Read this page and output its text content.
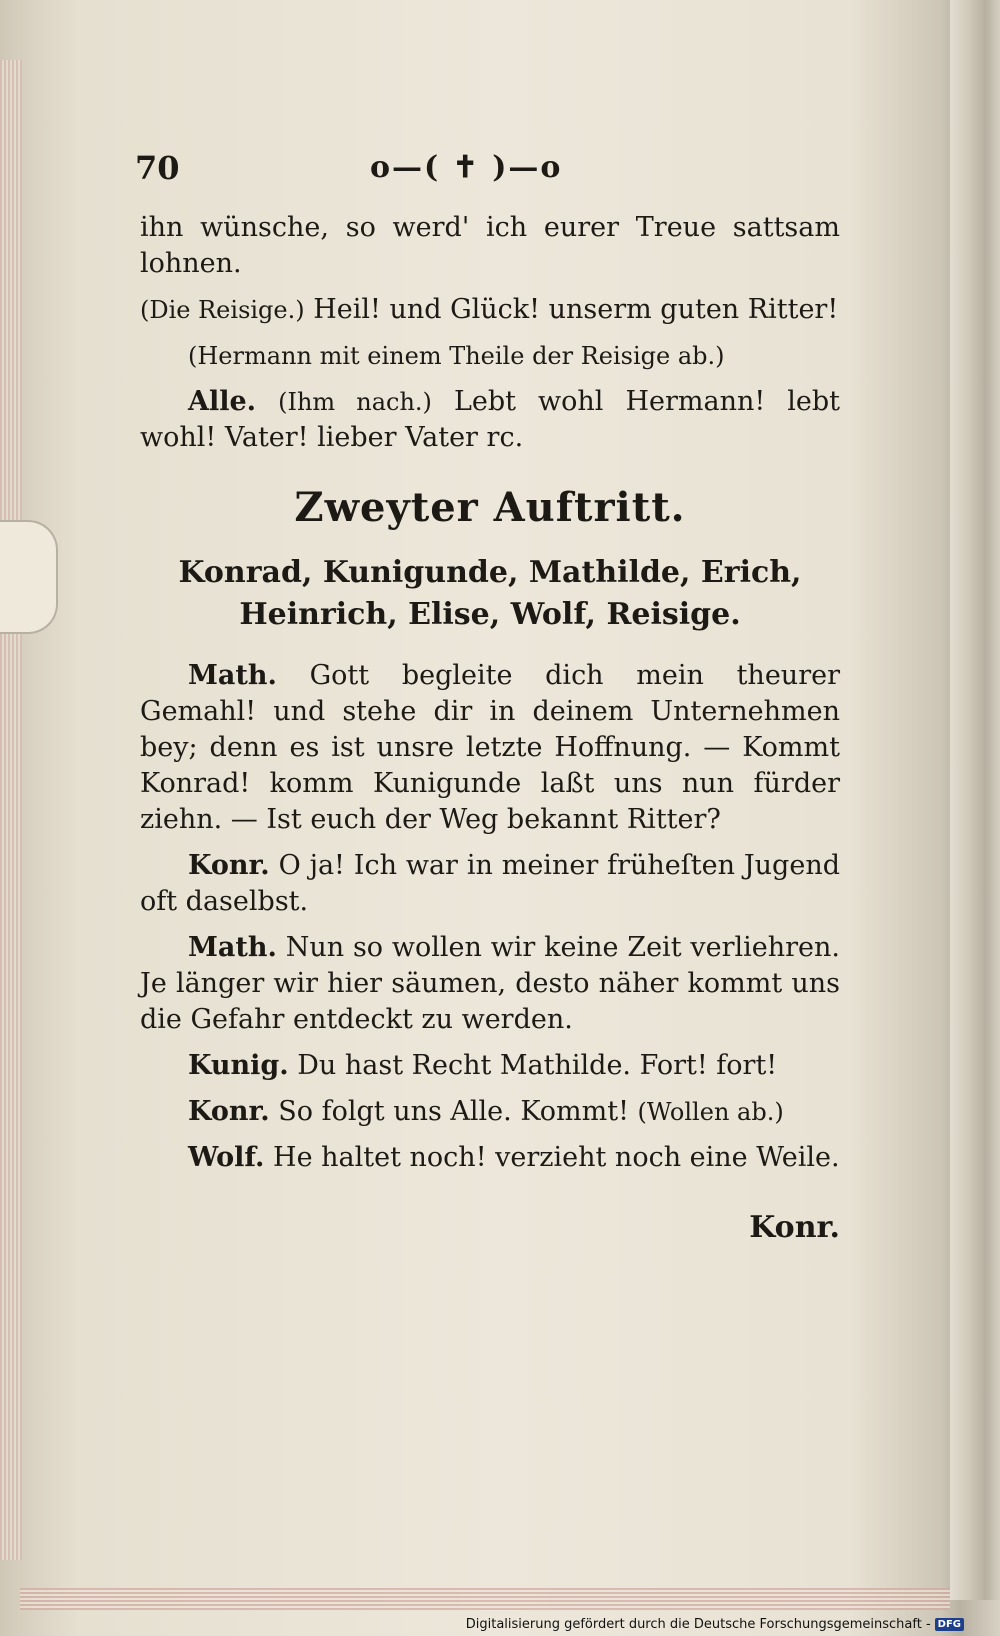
70	o—( ✝ )—o

ihn wünsche, so werd' ich eurer Treue sattsam lohnen.

(Die Reisige.) Heil! und Glück! unserm guten Ritter!

(Hermann mit einem Theile der Reisige ab.)

Alle. (Ihm nach.) Lebt wohl Hermann! lebt wohl! Vater! lieber Vater rc.

Zweyter Auftritt.
Konrad, Kunigunde, Mathilde, Erich, Heinrich, Elise, Wolf, Reisige.

Math. Gott begleite dich mein theurer Gemahl! und stehe dir in deinem Unternehmen bey; denn es ist unsre letzte Hoffnung. — Kommt Konrad! komm Kunigunde laßt uns nun fürder ziehn. — Ist euch der Weg bekannt Ritter?

Konr. O ja! Ich war in meiner früheſten Jugend oft daselbst.

Math. Nun so wollen wir keine Zeit verliehren. Je länger wir hier säumen, desto näher kommt uns die Gefahr entdeckt zu werden.

Kunig. Du hast Recht Mathilde. Fort! fort!

Konr. So folgt uns Alle. Kommt! (Wollen ab.)

Wolf. He haltet noch! verzieht noch eine Weile.

Konr.
Digitalisierung gefördert durch die Deutsche Forschungsgemeinschaft - DFG
